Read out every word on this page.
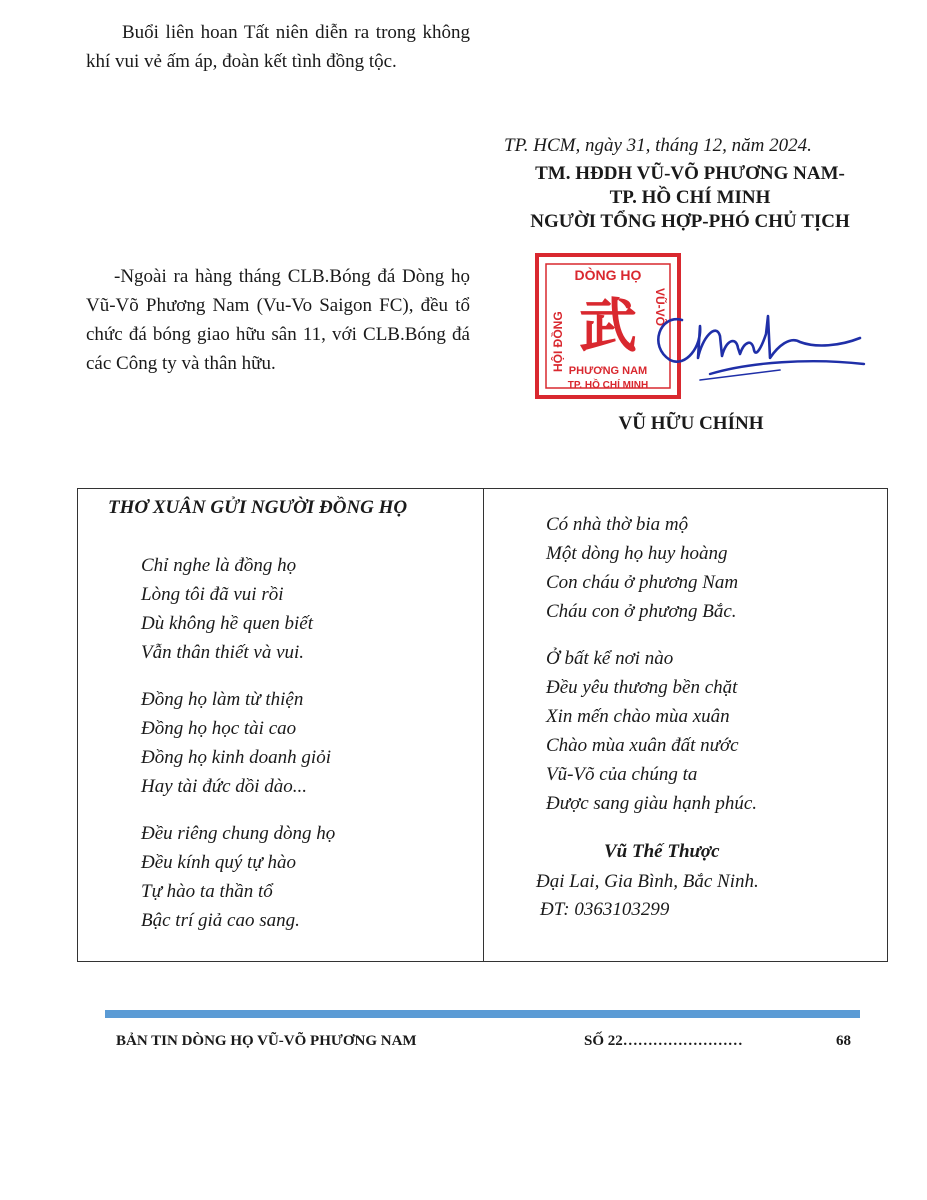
Buổi liên hoan Tất niên diễn ra trong không khí vui vẻ ấm áp, đoàn kết tình đồng tộc.
TP. HCM, ngày 31, tháng 12, năm 2024.
TM. HĐDH VŨ-VÕ PHƯƠNG NAM-
TP. HỒ CHÍ MINH
NGƯỜI TỔNG HỢP-PHÓ CHỦ TỊCH
-Ngoài ra hàng tháng CLB.Bóng đá Dòng họ Vũ-Võ Phương Nam (Vu-Vo Saigon FC), đều tổ chức đá bóng giao hữu sân 11, với CLB.Bóng đá các Công ty và thân hữu.
DÒNG HỌ
HỘI ĐỒNG
VŨ-VÕ
武
PHƯƠNG NAM
TP. HỒ CHÍ MINH
VŨ HỮU CHÍNH
THƠ XUÂN GỬI NGƯỜI ĐỒNG HỌ
Chỉ nghe là đồng họ
Lòng tôi đã vui rồi
Dù không hề quen biết
Vẫn thân thiết và vui.
Đồng họ làm từ thiện
Đồng họ học tài cao
Đồng họ kinh doanh giỏi
Hay tài đức dồi dào...
Đều riêng chung dòng họ
Đều kính quý tự hào
Tự hào ta thần tổ
Bậc trí giả cao sang.
Có nhà thờ bia mộ
Một dòng họ huy hoàng
Con cháu ở phương Nam
Cháu con ở phương Bắc.
Ở bất kể nơi nào
Đều yêu thương bền chặt
Xin mến chào mùa xuân
Chào mùa xuân đất nước
Vũ-Võ của chúng ta
Được sang giàu hạnh phúc.
Vũ Thế Thược
Đại Lai, Gia Bình, Bắc Ninh.
ĐT: 0363103299
BẢN TIN DÒNG HỌ VŨ-VÕ PHƯƠNG NAM	SỐ 22……………………	68
